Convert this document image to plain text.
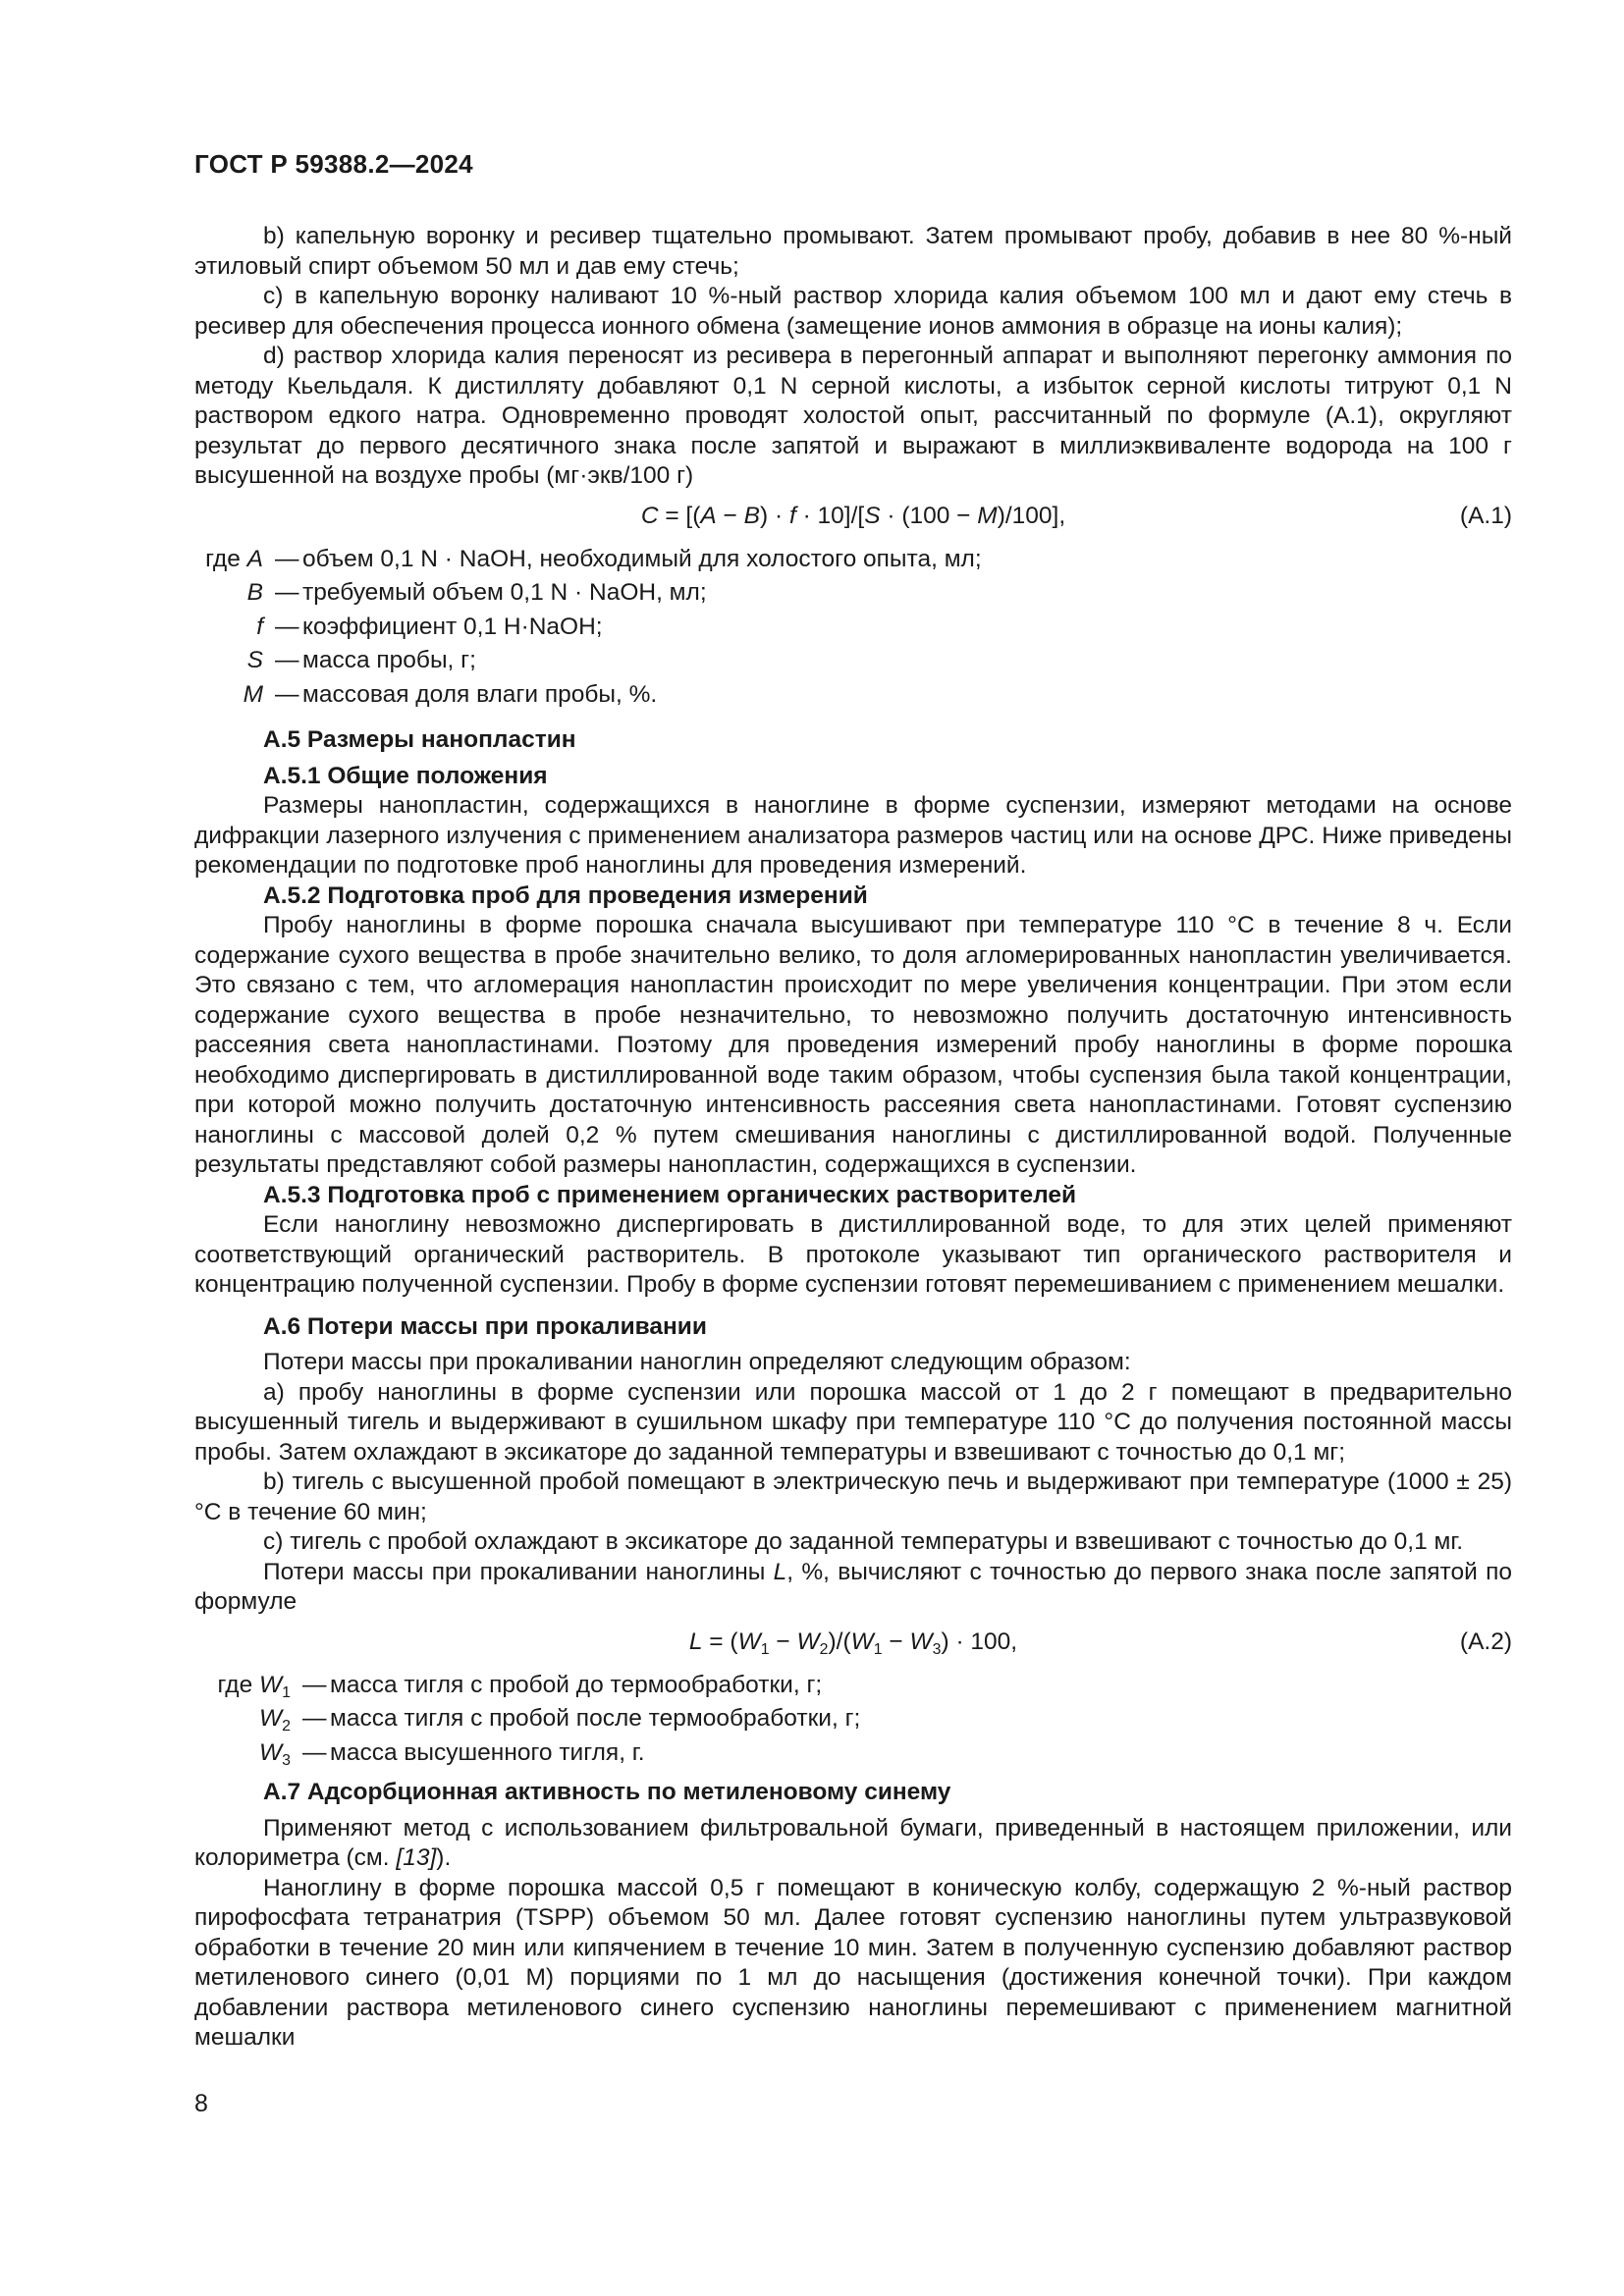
ГОСТ Р 59388.2—2024

b) капельную воронку и ресивер тщательно промывают. Затем промывают пробу, добавив в нее 80 %-ный этиловый спирт объемом 50 мл и дав ему стечь;

c) в капельную воронку наливают 10 %-ный раствор хлорида калия объемом 100 мл и дают ему стечь в ресивер для обеспечения процесса ионного обмена (замещение ионов аммония в образце на ионы калия);

d) раствор хлорида калия переносят из ресивера в перегонный аппарат и выполняют перегонку аммония по методу Кьельдаля. К дистилляту добавляют 0,1 N серной кислоты, а избыток серной кислоты титруют 0,1 N раствором едкого натра. Одновременно проводят холостой опыт, рассчитанный по формуле (А.1), округляют результат до первого десятичного знака после запятой и выражают в миллиэквиваленте водорода на 100 г высушенной на воздухе пробы (мг·экв/100 г)

C = [(A − B) · f · 10]/[S · (100 − M)/100],	(А.1)
где A — объем 0,1 N · NaOH, необходимый для холостого опыта, мл;
B — требуемый объем 0,1 N · NaOH, мл;
f — коэффициент 0,1 Н·NaOH;
S — масса пробы, г;
M — массовая доля влаги пробы, %.

А.5 Размеры нанопластин

А.5.1 Общие положения

Размеры нанопластин, содержащихся в наноглине в форме суспензии, измеряют методами на основе дифракции лазерного излучения с применением анализатора размеров частиц или на основе ДРС. Ниже приведены рекомендации по подготовке проб наноглины для проведения измерений.

А.5.2 Подготовка проб для проведения измерений

Пробу наноглины в форме порошка сначала высушивают при температуре 110 °C в течение 8 ч. Если содержание сухого вещества в пробе значительно велико, то доля агломерированных нанопластин увеличивается. Это связано с тем, что агломерация нанопластин происходит по мере увеличения концентрации. При этом если содержание сухого вещества в пробе незначительно, то невозможно получить достаточную интенсивность рассеяния света нанопластинами. Поэтому для проведения измерений пробу наноглины в форме порошка необходимо диспергировать в дистиллированной воде таким образом, чтобы суспензия была такой концентрации, при которой можно получить достаточную интенсивность рассеяния света нанопластинами. Готовят суспензию наноглины с массовой долей 0,2 % путем смешивания наноглины с дистиллированной водой. Полученные результаты представляют собой размеры нанопластин, содержащихся в суспензии.

А.5.3 Подготовка проб с применением органических растворителей

Если наноглину невозможно диспергировать в дистиллированной воде, то для этих целей применяют соответствующий органический растворитель. В протоколе указывают тип органического растворителя и концентрацию полученной суспензии. Пробу в форме суспензии готовят перемешиванием с применением мешалки.

А.6 Потери массы при прокаливании

Потери массы при прокаливании наноглин определяют следующим образом:

а) пробу наноглины в форме суспензии или порошка массой от 1 до 2 г помещают в предварительно высушенный тигель и выдерживают в сушильном шкафу при температуре 110 °C до получения постоянной массы пробы. Затем охлаждают в эксикаторе до заданной температуры и взвешивают с точностью до 0,1 мг;

b) тигель с высушенной пробой помещают в электрическую печь и выдерживают при температуре (1000 ± 25) °C в течение 60 мин;

c) тигель с пробой охлаждают в эксикаторе до заданной температуры и взвешивают с точностью до 0,1 мг.

Потери массы при прокаливании наноглины L, %, вычисляют с точностью до первого знака после запятой по формуле

$L = (W_1 - W_2)/(W_1 - W_3) \cdot 100$,	(А.2)
где $W_1$ — масса тигля с пробой до термообработки, г;
$W_2$ — масса тигля с пробой после термообработки, г;
$W_3$ — масса высушенного тигля, г.

А.7 Адсорбционная активность по метиленовому синему

Применяют метод с использованием фильтровальной бумаги, приведенный в настоящем приложении, или колориметра (см. [13]).

Наноглину в форме порошка массой 0,5 г помещают в коническую колбу, содержащую 2 %-ный раствор пирофосфата тетранатрия (TSPP) объемом 50 мл. Далее готовят суспензию наноглины путем ультразвуковой обработки в течение 20 мин или кипячением в течение 10 мин. Затем в полученную суспензию добавляют раствор метиленового синего (0,01 М) порциями по 1 мл до насыщения (достижения конечной точки). При каждом добавлении раствора метиленового синего суспензию наноглины перемешивают с применением магнитной мешалки

8
